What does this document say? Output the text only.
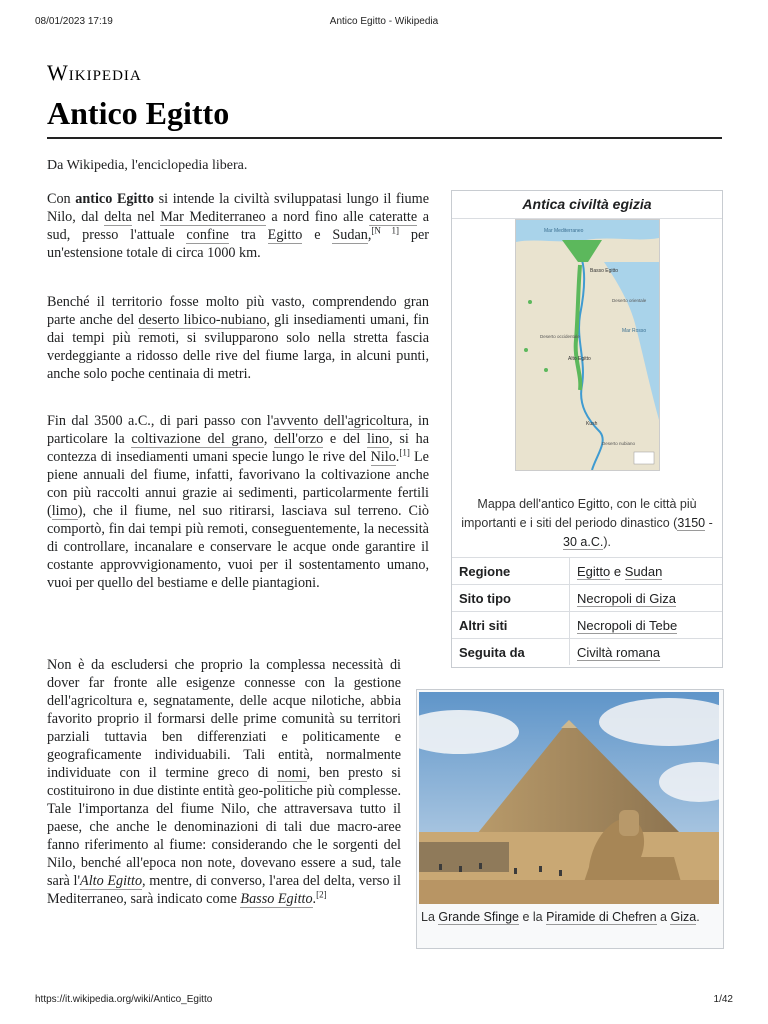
08/01/2023 17:19	Antico Egitto - Wikipedia
Wikipedia
Antico Egitto
Da Wikipedia, l'enciclopedia libera.

Con antico Egitto si intende la civiltà sviluppatasi lungo il fiume Nilo, dal delta nel Mar Mediterraneo a nord fino alle cateratte a sud, presso l'attuale confine tra Egitto e Sudan,[N 1] per un'estensione totale di circa 1000 km.

Benché il territorio fosse molto più vasto, comprendendo gran parte anche del deserto libico-nubiano, gli insediamenti umani, fin dai tempi più remoti, si svilupparono solo nella stretta fascia verdeggiante a ridosso delle rive del fiume larga, in alcuni punti, anche solo poche centinaia di metri.

Fin dal 3500 a.C., di pari passo con l'avvento dell'agricoltura, in particolare la coltivazione del grano, dell'orzo e del lino, si ha contezza di insediamenti umani specie lungo le rive del Nilo.[1] Le piene annuali del fiume, infatti, favorivano la coltivazione anche con più raccolti annui grazie ai sedimenti, particolarmente fertili (limo), che il fiume, nel suo ritirarsi, lasciava sul terreno. Ciò comportò, fin dai tempi più remoti, conseguentemente, la necessità di controllare, incanalare e conservare le acque onde garantire il costante approvvigionamento, vuoi per il sostentamento umano, vuoi per quello del bestiame e delle piantagioni.

Non è da escludersi che proprio la complessa necessità di dover far fronte alle esigenze connesse con la gestione dell'agricoltura e, segnatamente, delle acque nilotiche, abbia favorito proprio il formarsi delle prime comunità su territori parziali tuttavia ben differenziati e politicamente e geograficamente individuabili. Tali entità, normalmente individuate con il termine greco di nomi, ben presto si costituirono in due distinte entità geo-politiche più complesse. Tale l'importanza del fiume Nilo, che attraversava tutto il paese, che anche le denominazioni di tali due macro-aree fanno riferimento al fiume: considerando che le sorgenti del Nilo, benché all'epoca non note, dovevano essere a sud, tale sarà l'Alto Egitto, mentre, di converso, l'area del delta, verso il Mediterraneo, sarà indicato come Basso Egitto.[2]

Antica civiltà egizia
Mar Mediterraneo
Mar Rosso
Basso Egitto
Alto Egitto
Kush
Deserto occidentale
Deserto orientale
Deserto nubiano
Mappa dell'antico Egitto, con le città più importanti e i siti del periodo dinastico (3150 - 30 a.C.).
Regione	Egitto e Sudan
Sito tipo	Necropoli di Giza
Altri siti	Necropoli di Tebe
Seguita da	Civiltà romana
La Grande Sfinge e la Piramide di Chefren a Giza.
https://it.wikipedia.org/wiki/Antico_Egitto	1/42
